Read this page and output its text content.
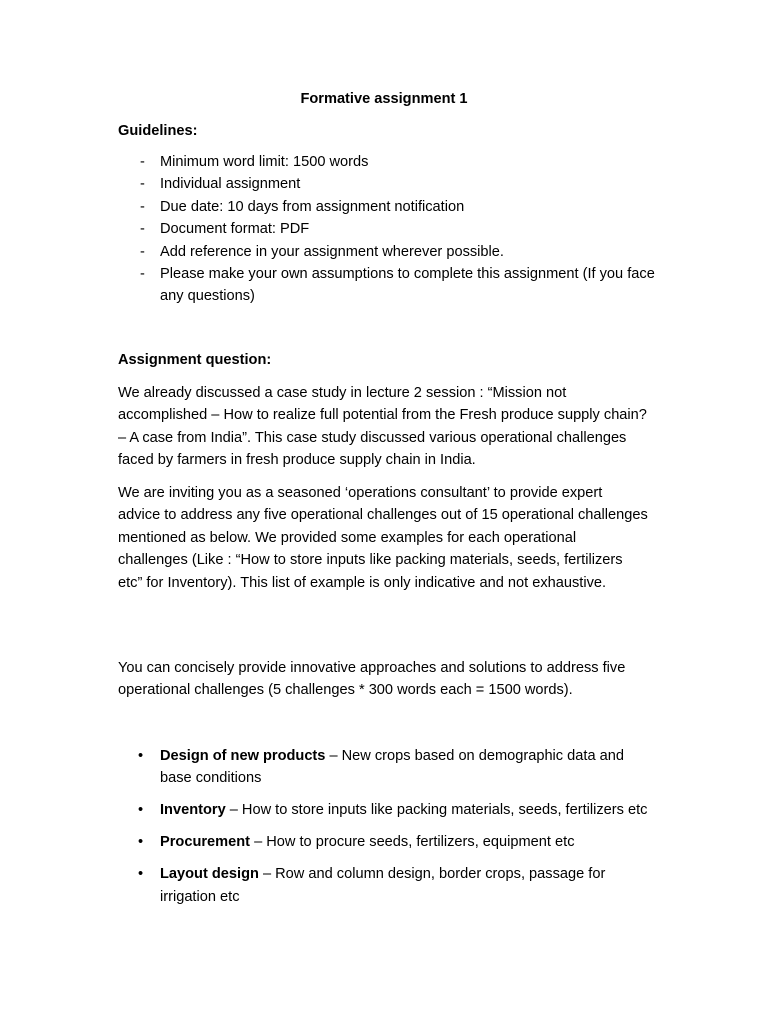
Formative assignment 1
Guidelines:
- Minimum word limit: 1500 words
- Individual assignment
- Due date: 10 days from assignment notification
- Document format: PDF
- Add reference in your assignment wherever possible.
- Please make your own assumptions to complete this assignment (If you face any questions)
Assignment question:

We already discussed a case study in lecture 2 session : “Mission not accomplished – How to realize full potential from the Fresh produce supply chain? – A case from India”. This case study discussed various operational challenges faced by farmers in fresh produce supply chain in India.

We are inviting you as a seasoned ‘operations consultant’ to provide expert advice to address any five operational challenges out of 15 operational challenges mentioned as below. We provided some examples for each operational challenges (Like : “How to store inputs like packing materials, seeds, fertilizers etc” for Inventory). This list of example is only indicative and not exhaustive.

You can concisely provide innovative approaches and solutions to address five operational challenges (5 challenges * 300 words each = 1500 words).

• Design of new products – New crops based on demographic data and base conditions
• Inventory – How to store inputs like packing materials, seeds, fertilizers etc
• Procurement – How to procure seeds, fertilizers, equipment etc
• Layout design – Row and column design, border crops, passage for irrigation etc
